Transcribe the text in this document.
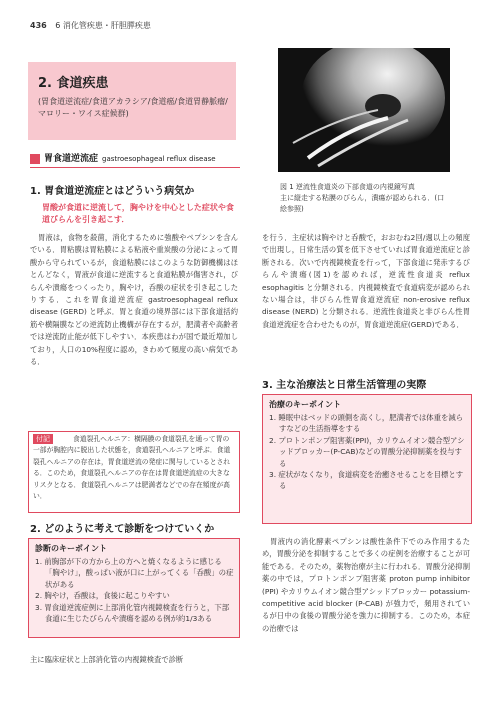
436 6 消化管疾患・肝胆膵疾患
2. 食道疾患
(胃食道逆流症/食道アカラシア/食道癌/食道胃静脈瘤/マロリー・ワイス症候群)
胃食道逆流症 gastroesophageal reflux disease
1. 胃食道逆流症とはどういう病気か
胃酸が食道に逆流して，胸やけを中心とした症状や食道びらんを引き起こす．
胃液は，食物を殺菌，消化するために強酸やペプシンを含んでいる．胃粘膜は胃粘膜による粘液や重炭酸の分泌によって胃酸から守られているが，食道粘膜にはこのような防御機構はほとんどなく，胃液が食道に逆流すると食道粘膜が傷害され，びらんや潰瘍をつくったり，胸やけ，呑酸の症状を引き起こしたりする．これを胃食道逆流症 gastroesophageal reflux disease (GERD) と呼ぶ．胃と食道の境界部には下部食道括約筋や横隔膜などの逆流防止機構が存在するが，肥満者や高齢者では逆流防止能が低下しやすい．本疾患はわが国で最近増加しており，人口の10%程度に認め，きわめて頻度の高い病気である．
食道裂孔ヘルニア：横隔膜の食道裂孔を通って胃の一部が胸腔内に脱出した状態を，食道裂孔ヘルニアと呼ぶ．食道裂孔ヘルニアの存在は，胃食道逆流の発症に関与しているとされる．このため，食道裂孔ヘルニアの存在は胃食道逆流症の大きなリスクとなる．食道裂孔ヘルニアは肥満者などでの存在頻度が高い．
付記
2. どのように考えて診断をつけていくか
診断のキーポイント
1. 前胸部が下の方から上の方へと焼くなるように感じる「胸やけ」，酸っぱい液が口に上がってくる「呑酸」の症状がある
2. 胸やけ，呑酸は，食後に起こりやすい
3. 胃食道逆流症例に上部消化管内視鏡検査を行うと，下部食道に生じたびらんや潰瘍を認める例が約1/3ある
主に臨床症状と上部消化管の内視鏡検査で診断
図 1 逆流性食道炎の下部食道の内視鏡写真
主に縦走する粘膜のびらん，潰瘍が認められる．(口絵参照)
を行う．主症状は胸やけと呑酸で，おおむね2回/週以上の頻度で出現し，日常生活の質を低下させていれば胃食道逆流症と診断される．次いで内視鏡検査を行って，下部食道に発赤するびらんや潰瘍(図1)を認めれば，逆流性食道炎 reflux esophagitis と分類される．内視鏡検査で食道病変が認められない場合は，非びらん性胃食道逆流症 non-erosive reflux disease (NERD) と分類される．逆流性食道炎と非びらん性胃食道逆流症を合わせたものが，胃食道逆流症(GERD)である．
3. 主な治療法と日常生活管理の実際
治療のキーポイント
1. 睡眠中はベッドの頭側を高くし，肥満者では体重を減らすなどの生活指導をする
2. プロトンポンプ阻害薬(PPI)，カリウムイオン競合型アシッドブロッカー(P-CAB)などの胃酸分泌抑制薬を投与する
3. 症状がなくなり，食道病変を治癒させることを目標とする
胃液内の消化酵素ペプシンは酸性条件下でのみ作用するため，胃酸分泌を抑制することで多くの症例を治療することが可能である．そのため，薬物治療が主に行われる．胃酸分泌抑制薬の中では，プロトンポンプ阻害薬 proton pump inhibitor (PPI) やカリウムイオン競合型アシッドブロッカー potassium-competitive acid blocker (P-CAB) が強力で，頻用されているが日中の食後の胃酸分泌を強力に抑制する．このため，本症の治療では
